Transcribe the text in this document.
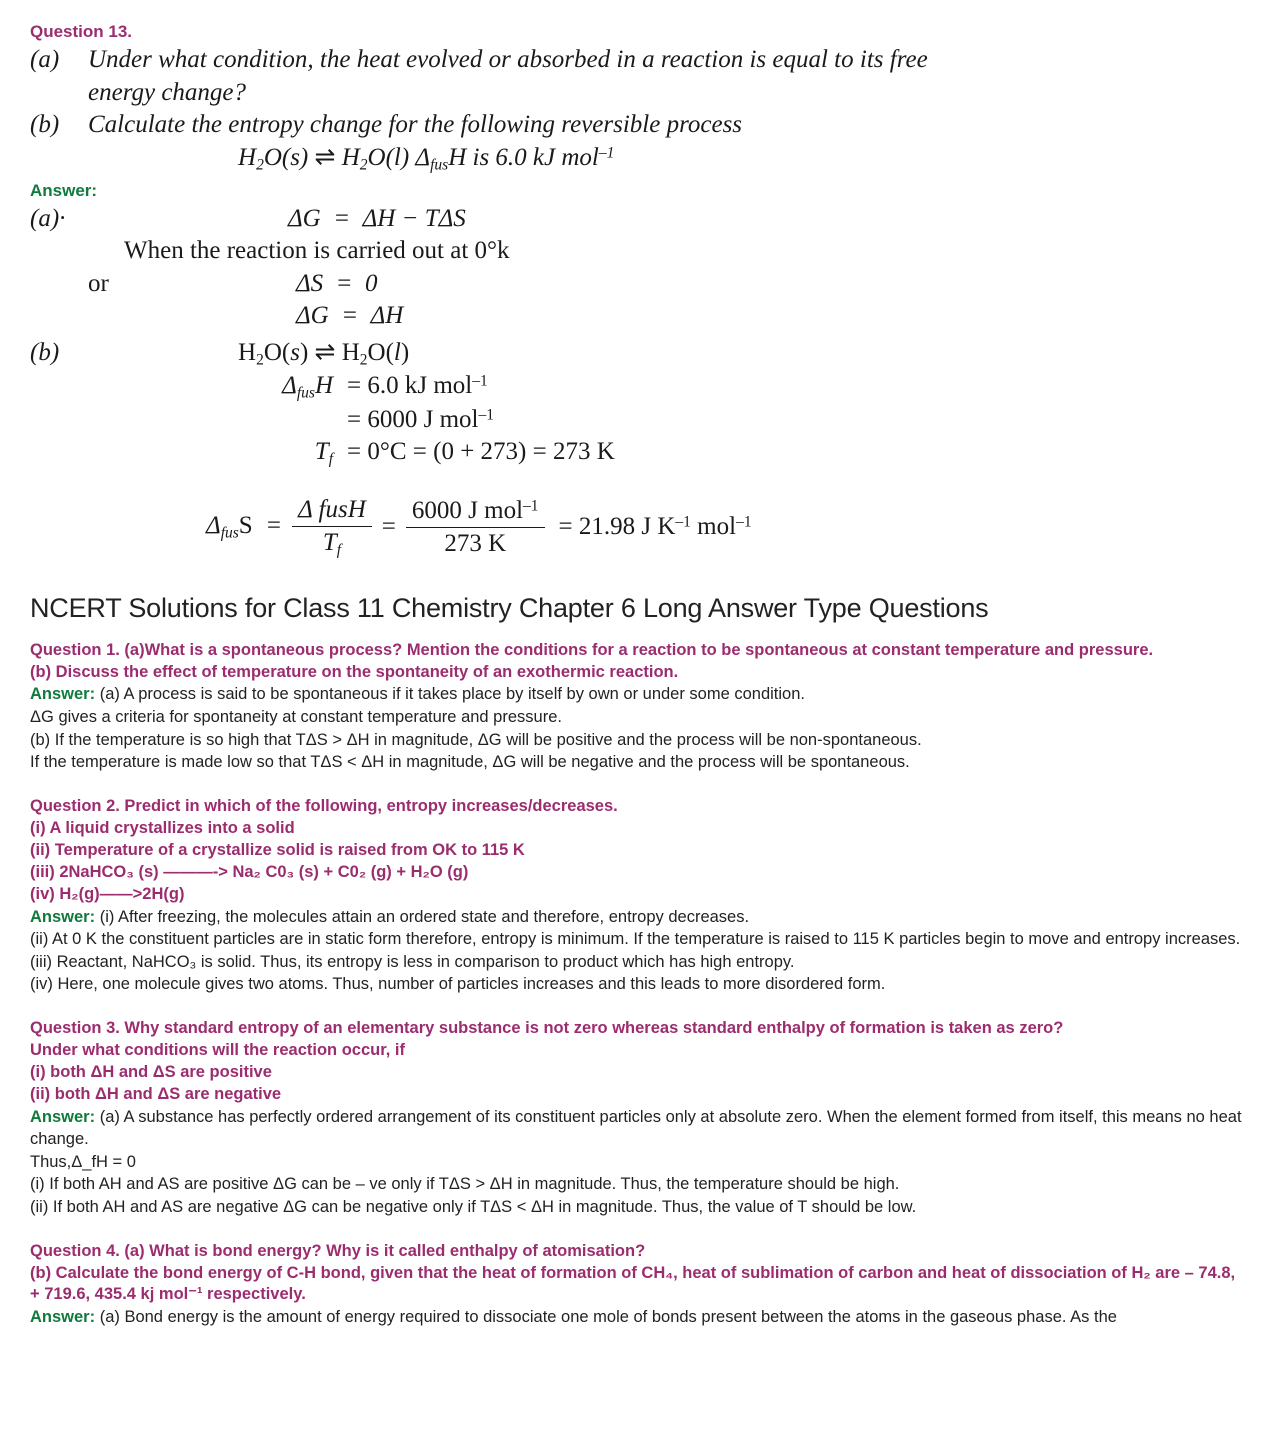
Question 13.
(a)	Under what condition, the heat evolved or absorbed in a reaction is equal to its free
energy change?
(b)	Calculate the entropy change for the following reversible process
$H_2O(s)$ ⇌ $H_2O(l)$ $\Delta_{fus}H$ is 6.0 kJ mol$^{-1}$
Answer:
(a)·	ΔG  =  ΔH − TΔS
When the reaction is carried out at 0°k
or	ΔS  =  0
ΔG  =  ΔH
(b)	$H_2O(s)$ ⇌ $H_2O(l)$
$\Delta_{fus}H = 6.0$ kJ mol$^{-1}$
= 6000 J mol$^{-1}$
$T_f = 0^\circ C = (0 + 273) = 273$ K
$\Delta_{fus}S = \frac{\text{Δ fusH}}{T_f} = \frac{6000 J mol^{-1}}{273 K} = 21.98$ J $K^{-1}$ mol$^{-1}$
NCERT Solutions for Class 11 Chemistry Chapter 6 Long Answer Type Questions

Question 1. (a)What is a spontaneous process? Mention the conditions for a reaction to be spontaneous at constant temperature and pressure.

(b) Discuss the effect of temperature on the spontaneity of an exothermic reaction.

Answer: (a) A process is said to be spontaneous if it takes place by itself by own or under some condition.

ΔG gives a criteria for spontaneity at constant temperature and pressure.

(b) If the temperature is so high that TΔS > ΔH in magnitude, ΔG will be positive and the process will be non-spontaneous.

If the temperature is made low so that TΔS < ΔH in magnitude, ΔG will be negative and the process will be spontaneous.

Question 2. Predict in which of the following, entropy increases/decreases.

(i) A liquid crystallizes into a solid

(ii) Temperature of a crystallize solid is raised from OK to 115 K

(iii) 2NaHCO₃ (s) ———-> Na₂ C0₃ (s) + C0₂ (g) + H₂O (g)

(iv) H₂(g)——>2H(g)

Answer: (i) After freezing, the molecules attain an ordered state and therefore, entropy decreases.

(ii) At 0 K the constituent particles are in static form therefore, entropy is minimum. If the temperature is raised to 115 K particles begin to move and entropy increases.

(iii) Reactant, NaHCO₃ is solid. Thus, its entropy is less in comparison to product which has high entropy.

(iv) Here, one molecule gives two atoms. Thus, number of particles increases and this leads to more disordered form.

Question 3. Why standard entropy of an elementary substance is not zero whereas standard enthalpy of formation is taken as zero?

Under what conditions will the reaction occur, if

(i) both ΔH and ΔS are positive

(ii) both ΔH and ΔS are negative

Answer: (a) A substance has perfectly ordered arrangement of its constituent particles only at absolute zero. When the element formed from itself, this means no heat change.

Thus,Δ_fH = 0

(i) If both AH and AS are positive ΔG can be – ve only if TΔS > ΔH in magnitude. Thus, the temperature should be high.

(ii) If both AH and AS are negative ΔG can be negative only if TΔS < ΔH in magnitude. Thus, the value of T should be low.

Question 4. (a) What is bond energy? Why is it called enthalpy of atomisation?

(b) Calculate the bond energy of C-H bond, given that the heat of formation of CH₄, heat of sublimation of carbon and heat of dissociation of H₂ are – 74.8, + 719.6, 435.4 kj mol⁻¹ respectively.

Answer: (a) Bond energy is the amount of energy required to dissociate one mole of bonds present between the atoms in the gaseous phase. As the
